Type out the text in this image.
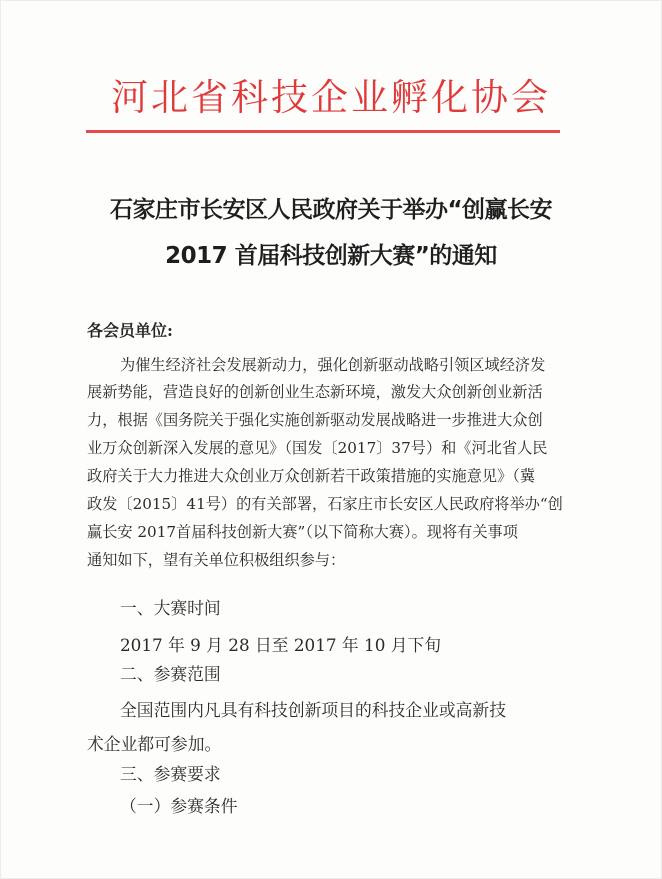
河北省科技企业孵化协会
石家庄市长安区人民政府关于举办“创赢长安
2017 首届科技创新大赛”的通知
各会员单位:
为催生经济社会发展新动力，强化创新驱动战略引领区域经济发
展新势能，营造良好的创新创业生态新环境，激发大众创新创业新活
力，根据《国务院关于强化实施创新驱动发展战略进一步推进大众创
业万众创新深入发展的意见》（国发〔2017〕37号）和《河北省人民
政府关于大力推进大众创业万众创新若干政策措施的实施意见》（冀
政发〔2015〕41号）的有关部署，石家庄市长安区人民政府将举办“创
赢长安 2017首届科技创新大赛”（以下简称大赛）。现将有关事项
通知如下，望有关单位积极组织参与：
一、大赛时间
2017 年 9 月 28 日至 2017 年 10 月下旬
二、参赛范围
全国范围内凡具有科技创新项目的科技企业或高新技
术企业都可参加。
三、参赛要求
（一）参赛条件
